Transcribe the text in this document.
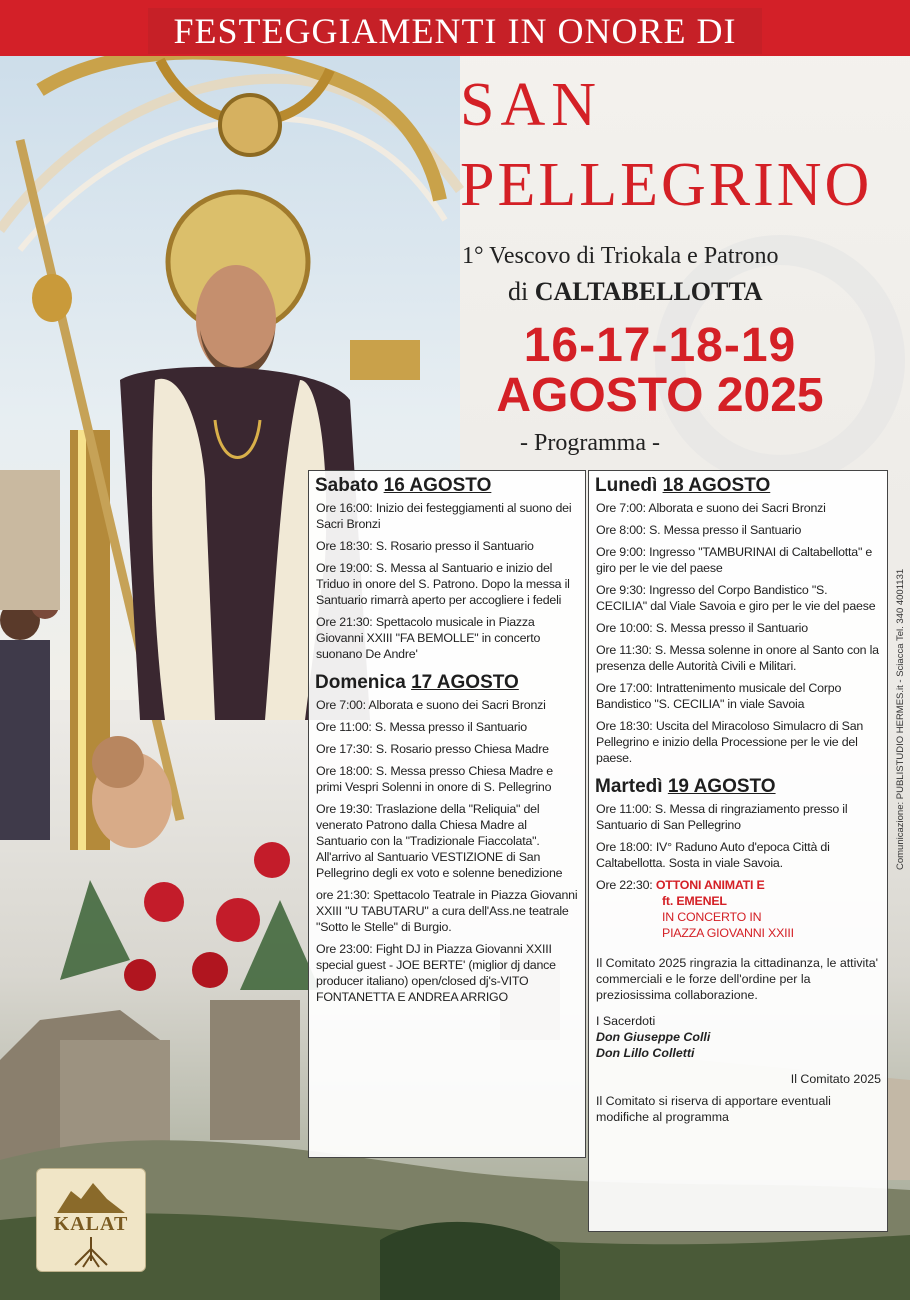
FESTEGGIAMENTI IN ONORE DI
SAN
PELLEGRINO
1° Vescovo di Triokala e Patrono
di CALTABELLOTTA
16-17-18-19
AGOSTO 2025
- Programma -
Sabato 16 AGOSTO
Ore 16:00: Inizio dei festeggiamenti al suono dei Sacri Bronzi
Ore 18:30: S. Rosario presso il Santuario
Ore 19:00: S. Messa al Santuario e inizio del Triduo in onore del S. Patrono. Dopo la messa il Santuario rimarrà aperto per accogliere i fedeli
Ore 21:30: Spettacolo musicale in Piazza Giovanni XXIII "FA BEMOLLE" in concerto suonano De Andre'
Domenica 17 AGOSTO
Ore 7:00: Alborata e suono dei Sacri Bronzi
Ore 11:00: S. Messa presso il Santuario
Ore 17:30: S. Rosario presso Chiesa Madre
Ore 18:00: S. Messa presso Chiesa Madre e primi Vespri Solenni in onore di S. Pellegrino
Ore 19:30: Traslazione della "Reliquia" del venerato Patrono dalla Chiesa Madre al Santuario con la "Tradizionale Fiaccolata". All'arrivo al Santuario VESTIZIONE di San Pellegrino degli ex voto e solenne benedizione
ore 21:30: Spettacolo Teatrale in Piazza Giovanni XXIII "U TABUTARU" a cura dell'Ass.ne teatrale "Sotto le Stelle" di Burgio.
Ore 23:00: Fight DJ in Piazza Giovanni XXIII special guest - JOE BERTE' (miglior dj dance producer italiano) open/closed dj's-VITO FONTANETTA E ANDREA ARRIGO
Lunedì 18 AGOSTO
Ore 7:00: Alborata e suono dei Sacri Bronzi
Ore 8:00: S. Messa presso il Santuario
Ore 9:00: Ingresso "TAMBURINAI di Caltabellotta" e giro per le vie del paese
Ore 9:30: Ingresso del Corpo Bandistico "S. CECILIA" dal Viale Savoia e giro per le vie del paese
Ore 10:00: S. Messa presso il Santuario
Ore 11:30: S. Messa solenne in onore al Santo con la presenza delle Autorità Civili e Militari.
Ore 17:00: Intrattenimento musicale del Corpo Bandistico "S. CECILIA" in viale Savoia
Ore 18:30: Uscita del Miracoloso Simulacro di San Pellegrino e inizio della Processione per le vie del paese.
Martedì 19 AGOSTO
Ore 11:00: S. Messa di ringraziamento presso il Santuario di San Pellegrino
Ore 18:00: IV° Raduno Auto d'epoca Città di Caltabellotta. Sosta in viale Savoia.
Ore 22:30: OTTONI ANIMATI E
ft. EMENEL
IN CONCERTO IN
PIAZZA GIOVANNI XXIII
Il Comitato 2025 ringrazia la cittadinanza, le attivita' commerciali e le forze dell'ordine per la preziosissima collaborazione.
I Sacerdoti
Don Giuseppe Colli
Don Lillo Colletti
Il Comitato 2025
Il Comitato si riserva di apportare eventuali modifiche al programma
Comunicazione: PUBLISTUDIO HERMES.it - Sciacca Tel. 340 4001131
KALAT
